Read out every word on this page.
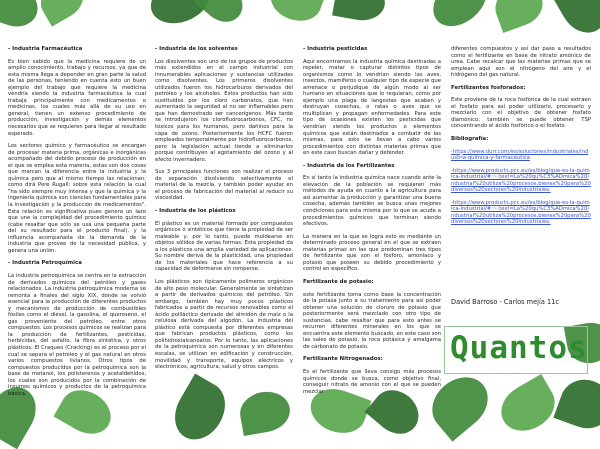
- Industria Farmacéutica

Es bien sabido que la medicina requiere de un amplio conocimiento, trabajo y recursos, ya que de esta misma llega a depender en gran parte la salud de las personas, teniendo en cuenta esto un buen ejemplo del trabajo que requiere la medicina vendría siendo la industria farmacéutica la cual trabaja principalmente con medicamentos o medicinas, los cuales más allá de su uso en general, tienen un extenso procedimiento de producción, investigación y demás elementos necesarios que se requieren para llegar al resultado esperado.

Los sectores químico y farmacéutico se encargan de procesar materia prima, orgánicas e inorgánicas acompañado del debido proceso de producción en el que se emplea esta materia, estas son dos cosas que marcan la diferencia entre la industria y la química pero que al mismo tiempo las relacionan; como dirá Pere Rugall: sobre esta relación la cual "ha sido siempre muy intensa y que la química y la ingeniería química son ciencias fundamentales para la investigación y la producción de medicamentos". Esta relación es significativa pues genera un lazo que une la complejidad del procedimiento químico (cabe resaltar que sólo se usa una pequeña parte del su resultado para el producto final), y la influencia acompañada de la demanda de la industria que provee de la necesidad pública, y genera una unión.

- Industria Petroquímica

La industria petroquímica se centra en la extracción de derivados químicos del petróleo y gases relacionados. La industria petroquímica moderna se remonta a finales del siglo XIX, donde se volvió esencial para la producción de diferentes productos y mecanismos de producción de combustibles fósiles como el diésel, la gasolina, el queroseno, el gas proveniente del petróleo, entre otros compuestos. Los procesos químicos se realizan para la producción de fertilizantes, pesticidas, herbicidas, del asfalto, la fibra sintética, y otros plásticos. El Craqueo (Cracking) es el proceso por el cual se separa el petróleo y el gas natural en otros varios compuestos livianos. Otros tipos de compuestos producidos por la petroquímica son la base de metanol, los polisterenos y acetaldehídos, los cuales son producidos por la combinación de insumos químicos y productos de la petroquímica básica.

- Industria de los solventes

Los disolventes son uno de los grupos de productos más extendidos en el campo industrial con innumerables aplicaciones y sustancias utilizadas como disolventes. Los primeros disolventes utilizados fueron los hidrocarburos derivados del petróleo y los alcoholes. Estos productos han sido sustituidos por los cloro carbonatos, que han aumentado la seguridad al no ser inflamables pero que han demostrado ser cancerígenos. Más tarde se introdujeron los clorofluorocarbonos, CFC, no tóxicos para los humanos, pero dañinos para la capa de ozono. Posteriormente los HCFC fueron empleados temporalmente por hidrofluorocarbonos, pero la legislación actual tiende a eliminarlos porque contribuyen al agotamiento del ozono y al efecto invernadero.

Sus 3 principales funciones son realizar el proceso de separación disolviendo selectivamente el material de la mezcla, y también poder ayudar en el proceso de fabricación del material al reducir su viscosidad.

- Industria de los plásticos

El plástico es un material formado por compuestos orgánicos o sintéticos que tiene la propiedad de ser maleable y, por lo tanto, puede moldearse en objetos sólidos de varias formas. Esta propiedad da a los plásticos una amplia variedad de aplicaciones. Su nombre deriva de la plasticidad, una propiedad de los materiales que hace referencia a su capacidad de deformarse sin romperse.

Los plásticos son típicamente polímeros orgánicos de alto peso molecular. Generalmente se sintetizan a partir de derivados químicos del petróleo. Sin embargo, también hay muy pocos plásticos fabricados a partir de recursos renovables como el ácido poliláctico derivado del almidón de maíz o la celulosa derivada del algodón. La industria del plástico está compuesta por diferentes empresas que fabrican productos plásticos, como los polihidroxialcanoatos. Por lo tanto, las aplicaciones de la petroquímica son numerosas y en diferentes escalas, se utilizan en edificación y construcción, movilidad y transporte, equipos eléctricos y electrónicos, agricultura, salud y otros campos.

- Industria pesticidas

Aquí encontramos la industria química destinadas a repeler, matar o capturar distintos tipos de organismos como lo vendrían siendo las aves, insectos, mamíferos o cualquier tipo de especie que amenace o perjudique de algún modo al ser humano en situaciones que lo requieran, como por ejemplo una plaga de langostas que acaben y destruyan cosechas, o ratas o aves que se multiplican y propagan enfermedades. Para este tipo de ocasiones existen los pesticidas que vendrían siendo los productos o elementos químicos que están destinados a combatir de las mismas, para esto se llevan a cabo varios procedimientos con distintas materias primas que en este caso buscan dañar y defender.

- Industria de los Fertilizantes

En sí tanto la industria química nace cuando ante la elevación de la población se requieren más métodos de ayuda en cuanto a la agricultura para así aumentar la producción y garantizar una buena cosecha, además también se busca unas mejores condiciones para esta misma por lo que se acude a procedimientos químicos que terminan siendo efectivos.

La manera en la que se logra esto es mediante un determinado proceso general en el que se extraen materias primas en las que predominan tres tipos de fertilizante que son el fósforo, amoníaco y potasio que poseen su debido procedimiento y control en específico.

Fertilizante de potasio:

este fertilizante toma como base la concentración de la potasa junto a su tratamiento para así poder obtener una solución de cloruro de potasio que posteriormente será mezclado con otro tipo de sustancias, cabe resaltar que para esto antes se recurren diferentes minerales en los que se encuentra este elemento buscado, en este caso son las sales de potasio, la roca potásica y amalgama de carbonato de potasio.

Fertilizante Nitrogenados:

Es el fertilizante que lleva consigo más procesos químicos donde se busca, como objetivo final, conseguir nitrato de amonio con el que se pueden mezclar

diferentes compuestos y así dar paso a resultados como el fertilizante en base de nitrato amónico de urea. Cabe recalcar que las materias primas que se emplean aquí son el nitrógeno del aire y el hidrógeno del gas natural.

Fertilizantes fosforados:

Este proviene de la roca fosfórica de la cual extraen el fosfato para así poder utilizarlo, procesarlo y mezclarlo con el objetivo de obtener fosfato diamónico; también se puede obtener TSP concentrando el ácido fosfórico o el fosfato.

Bibliografía:
-https://www.durr.com/es/soluciones/industriales/industria-quimica-y-farmaceutica
-https://www.products.pcc.eu/es/blog/que-es-la-quimica-industrial/#:~:text=La%20qu%C3%ADmica%20industrial%20utiliza%20procesos,bienes%20para%20diversos%20sectores%20industriales.
-https://www.products.pcc.eu/es/blog/que-es-la-quimica-industrial/#:~:text=La%20qu%C3%ADmica%20industrial%20utiliza%20procesos,bienes%20para%20diversos%20sectores%20industriales.
David Barroso - Carlos mejía 11c
Quantos
